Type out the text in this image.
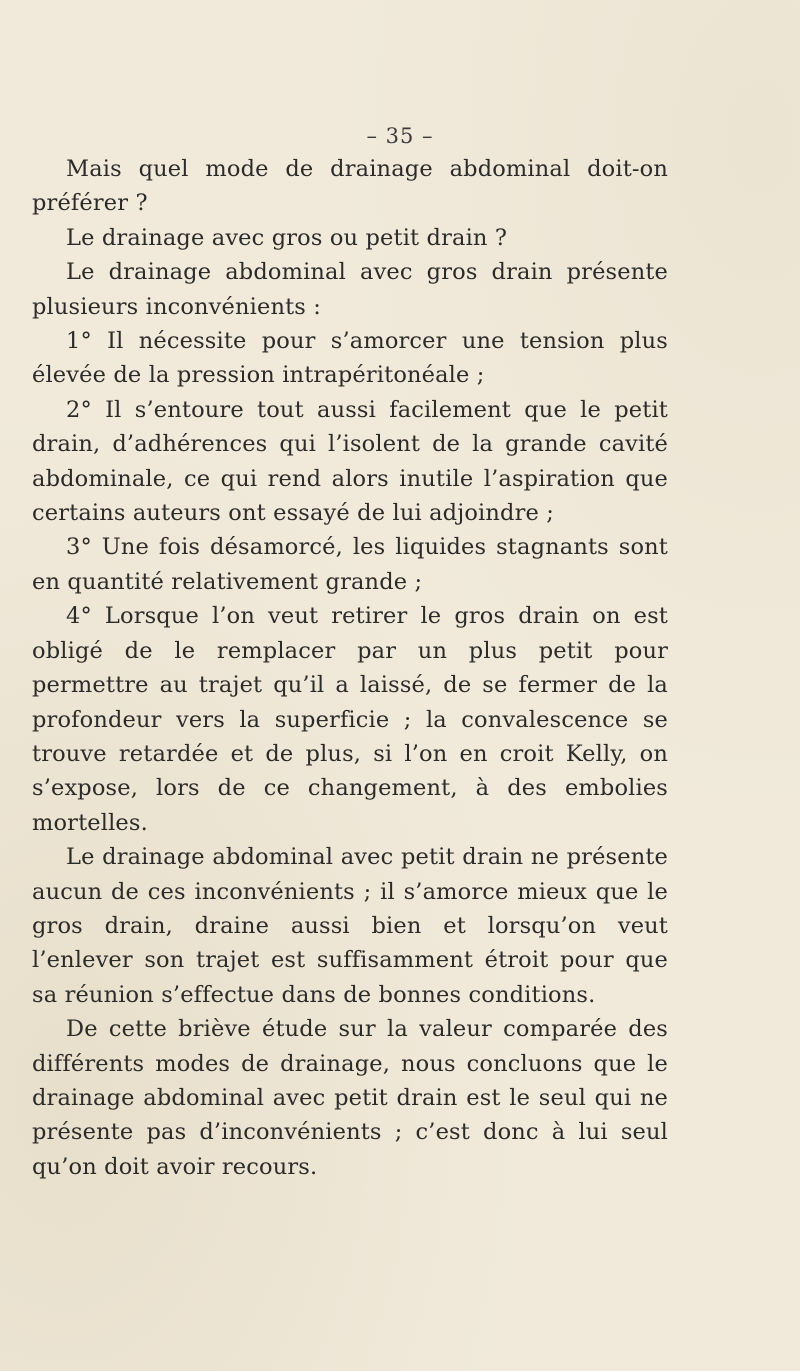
– 35 –

Mais quel mode de drainage abdominal doit-on préférer ?

Le drainage avec gros ou petit drain ?

Le drainage abdominal avec gros drain présente plusieurs inconvénients :

1° Il nécessite pour s’amorcer une tension plus élevée de la pression intrapéritonéale ;

2° Il s’entoure tout aussi facilement que le petit drain, d’adhérences qui l’isolent de la grande cavité abdominale, ce qui rend alors inutile l’aspiration que certains auteurs ont essayé de lui adjoindre ;

3° Une fois désamorcé, les liquides stagnants sont en quantité relativement grande ;

4° Lorsque l’on veut retirer le gros drain on est obligé de le remplacer par un plus petit pour permettre au trajet qu’il a laissé, de se fermer de la profondeur vers la superficie ; la convalescence se trouve retardée et de plus, si l’on en croit Kelly, on s’expose, lors de ce changement, à des embolies mortelles.

Le drainage abdominal avec petit drain ne présente aucun de ces inconvénients ; il s’amorce mieux que le gros drain, draine aussi bien et lorsqu’on veut l’enlever son trajet est suffisamment étroit pour que sa réunion s’effectue dans de bonnes conditions.

De cette briève étude sur la valeur comparée des différents modes de drainage, nous concluons que le drainage abdominal avec petit drain est le seul qui ne présente pas d’inconvénients ; c’est donc à lui seul qu’on doit avoir recours.
